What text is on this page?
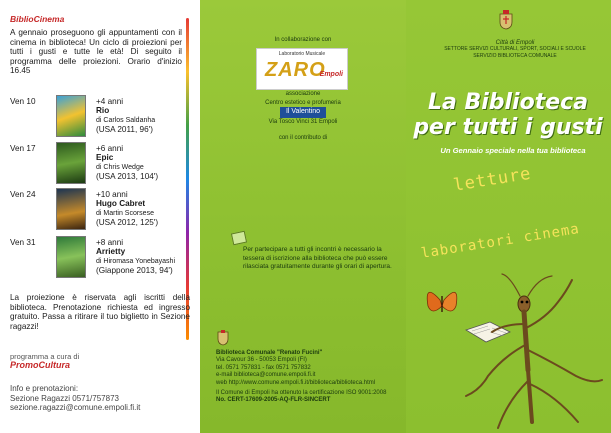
BiblioCinema
A gennaio proseguono gli appuntamenti con il cinema in biblioteca! Un ciclo di proiezioni per tutti i gusti e tutte le età! Di seguito il programma delle proiezioni. Orario d'inizio 16.45
Ven 10	+4 anni
Rio
di Carlos Saldanha
(USA 2011, 96')
Ven 17	+6 anni
Epic
di Chris Wedge
(USA 2013, 104')
Ven 24	+10 anni
Hugo Cabret
di Martin Scorsese
(USA 2012, 125')
Ven 31	+8 anni
Arrietty
di Hiromasa Yonebayashi
(Giappone 2013, 94')
La proiezione è riservata agli iscritti della biblioteca. Prenotazione richiesta ed ingresso gratuito. Passa a ritirare il tuo biglietto in Sezione ragazzi!
programma a cura di
PromoCultura
Info e prenotazioni:
Sezione Ragazzi 0571/757873
sezione.ragazzi@comune.empoli.fi.it
In collaborazione con
Laboratorio Musicale
ZARO
Empoli
associazione
Centro estetico e profumeria
Il Valentino
Via Tosco Vinci 31 Empoli
con il contributo di
Per partecipare a tutti gli incontri è necessario la tessera di iscrizione alla biblioteca che può essere rilasciata gratuitamente durante gli orari di apertura.
Biblioteca Comunale "Renato Fucini"
Via Cavour 36 - 50053 Empoli (FI)
tel. 0571 757831 - fax 0571 757832
e-mail biblioteca@comune.empoli.fi.it
web http://www.comune.empoli.fi.it/biblioteca/biblioteca.html
Il Comune di Empoli ha ottenuto la certificazione ISO 9001:2008
No. CERT-17609-2005-AQ-FLR-SINCERT
Città di Empoli
SETTORE SERVIZI CULTURALI, SPORT, SOCIALI E SCUOLE
SERVIZIO BIBLIOTECA COMUNALE
La Biblioteca
per tutti i gusti
Un Gennaio speciale nella tua biblioteca
letture
laboratori cinema
